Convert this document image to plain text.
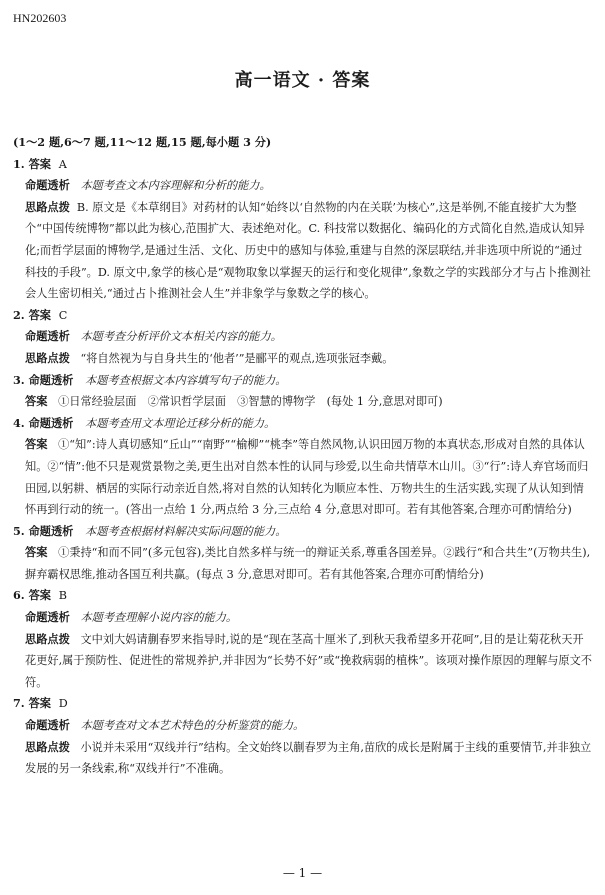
HN202603
高一语文 · 答案
(1～2 题,6～7 题,11～12 题,15 题,每小题 3 分)
1. 答案 A
命题透析 本题考查文本内容理解和分析的能力。
思路点拨 B. 原文是《本草纲目》对药材的认知“始终以‘自然物的内在关联’为核心”,这是举例,不能直接扩大为整个“中国传统博物”都以此为核心,范围扩大、表述绝对化。C. 科技常以数据化、编码化的方式简化自然,造成认知异化;而哲学层面的博物学,是通过生活、文化、历史中的感知与体验,重建与自然的深层联结,并非选项中所说的“通过科技的手段”。D. 原文中,象学的核心是“观物取象以掌握天的运行和变化规律”,象数之学的实践部分才与占卜推测社会人生密切相关,“通过占卜推测社会人生”并非象学与象数之学的核心。
2. 答案 C
命题透析 本题考查分析评价文本相关内容的能力。
思路点拨 “将自然视为与自身共生的‘他者’”是郦平的观点,选项张冠李戴。
3. 命题透析 本题考查根据文本内容填写句子的能力。
答案 ①日常经验层面　②常识哲学层面　③智慧的博物学　(每处 1 分,意思对即可)
4. 命题透析 本题考查用文本理论迁移分析的能力。
答案 ①“知”:诗人真切感知“丘山”“南野”“榆柳”“桃李”等自然风物,认识田园万物的本真状态,形成对自然的具体认知。②“情”:他不只是观赏景物之美,更生出对自然本性的认同与珍爱,以生命共情草木山川。③“行”:诗人弃官场而归田园,以躬耕、栖居的实际行动亲近自然,将对自然的认知转化为顺应本性、万物共生的生活实践,实现了从认知到情怀再到行动的统一。(答出一点给 1 分,两点给 3 分,三点给 4 分,意思对即可。若有其他答案,合理亦可酌情给分)
5. 命题透析 本题考查根据材料解决实际问题的能力。
答案 ①秉持“和而不同”(多元包容),类比自然多样与统一的辩证关系,尊重各国差异。②践行“和合共生”(万物共生),摒弃霸权思维,推动各国互利共赢。(每点 3 分,意思对即可。若有其他答案,合理亦可酌情给分)
6. 答案 B
命题透析 本题考查理解小说内容的能力。
思路点拨 文中刘大妈请蒯春罗来指导时,说的是“现在茎高十厘米了,到秋天我希望多开花呵”,目的是让菊花秋天开花更好,属于预防性、促进性的常规养护,并非因为“长势不好”或“挽救病弱的植株”。该项对操作原因的理解与原文不符。
7. 答案 D
命题透析 本题考查对文本艺术特色的分析鉴赏的能力。
思路点拨 小说并未采用“双线并行”结构。全文始终以蒯春罗为主角,苗欣的成长是附属于主线的重要情节,并非独立发展的另一条线索,称“双线并行”不准确。
— 1 —
